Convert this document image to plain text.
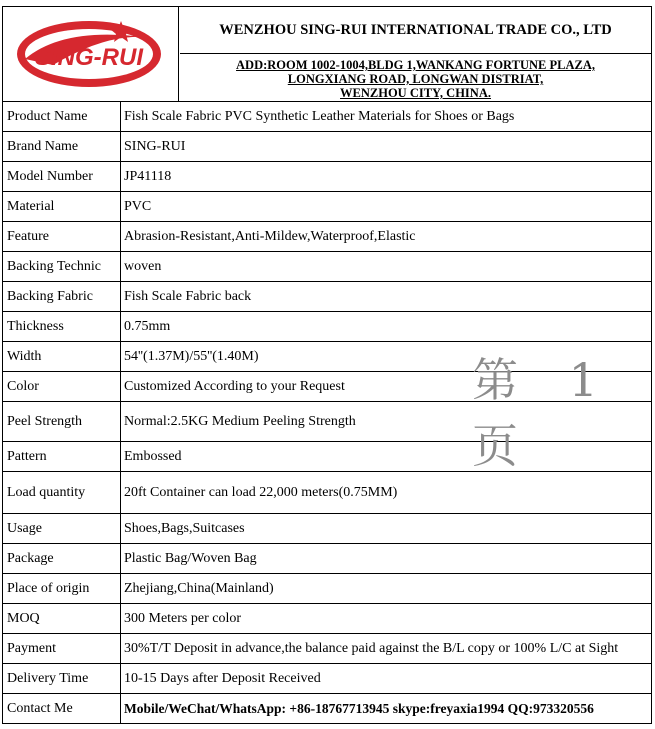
SING-RUI
WENZHOU SING-RUI INTERNATIONAL TRADE CO., LTD
ADD:ROOM 1002-1004,BLDG 1,WANKANG FORTUNE PLAZA,
LONGXIANG ROAD, LONGWAN DISTRIAT,
WENZHOU CITY, CHINA.
Product Name	Fish Scale Fabric PVC Synthetic Leather Materials for Shoes or Bags
Brand Name	SING-RUI
Model Number	JP41118
Material	PVC
Feature	Abrasion-Resistant,Anti-Mildew,Waterproof,Elastic
Backing Technic	woven
Backing Fabric	Fish Scale Fabric back
Thickness	0.75mm
Width	54''(1.37M)/55''(1.40M)
Color	Customized According to your Request
Peel Strength	Normal:2.5KG Medium Peeling Strength
Pattern	Embossed
Load quantity	20ft Container can load 22,000 meters(0.75MM)
Usage	Shoes,Bags,Suitcases
Package	Plastic Bag/Woven Bag
Place of origin	Zhejiang,China(Mainland)
MOQ	300 Meters per color
Payment	30%T/T Deposit in advance,the balance paid against the B/L copy or 100% L/C at Sight
Delivery Time	10-15 Days after Deposit Received
Contact Me	Mobile/WeChat/WhatsApp: +86-18767713945 skype:freyaxia1994 QQ:973320556
第 1 页
